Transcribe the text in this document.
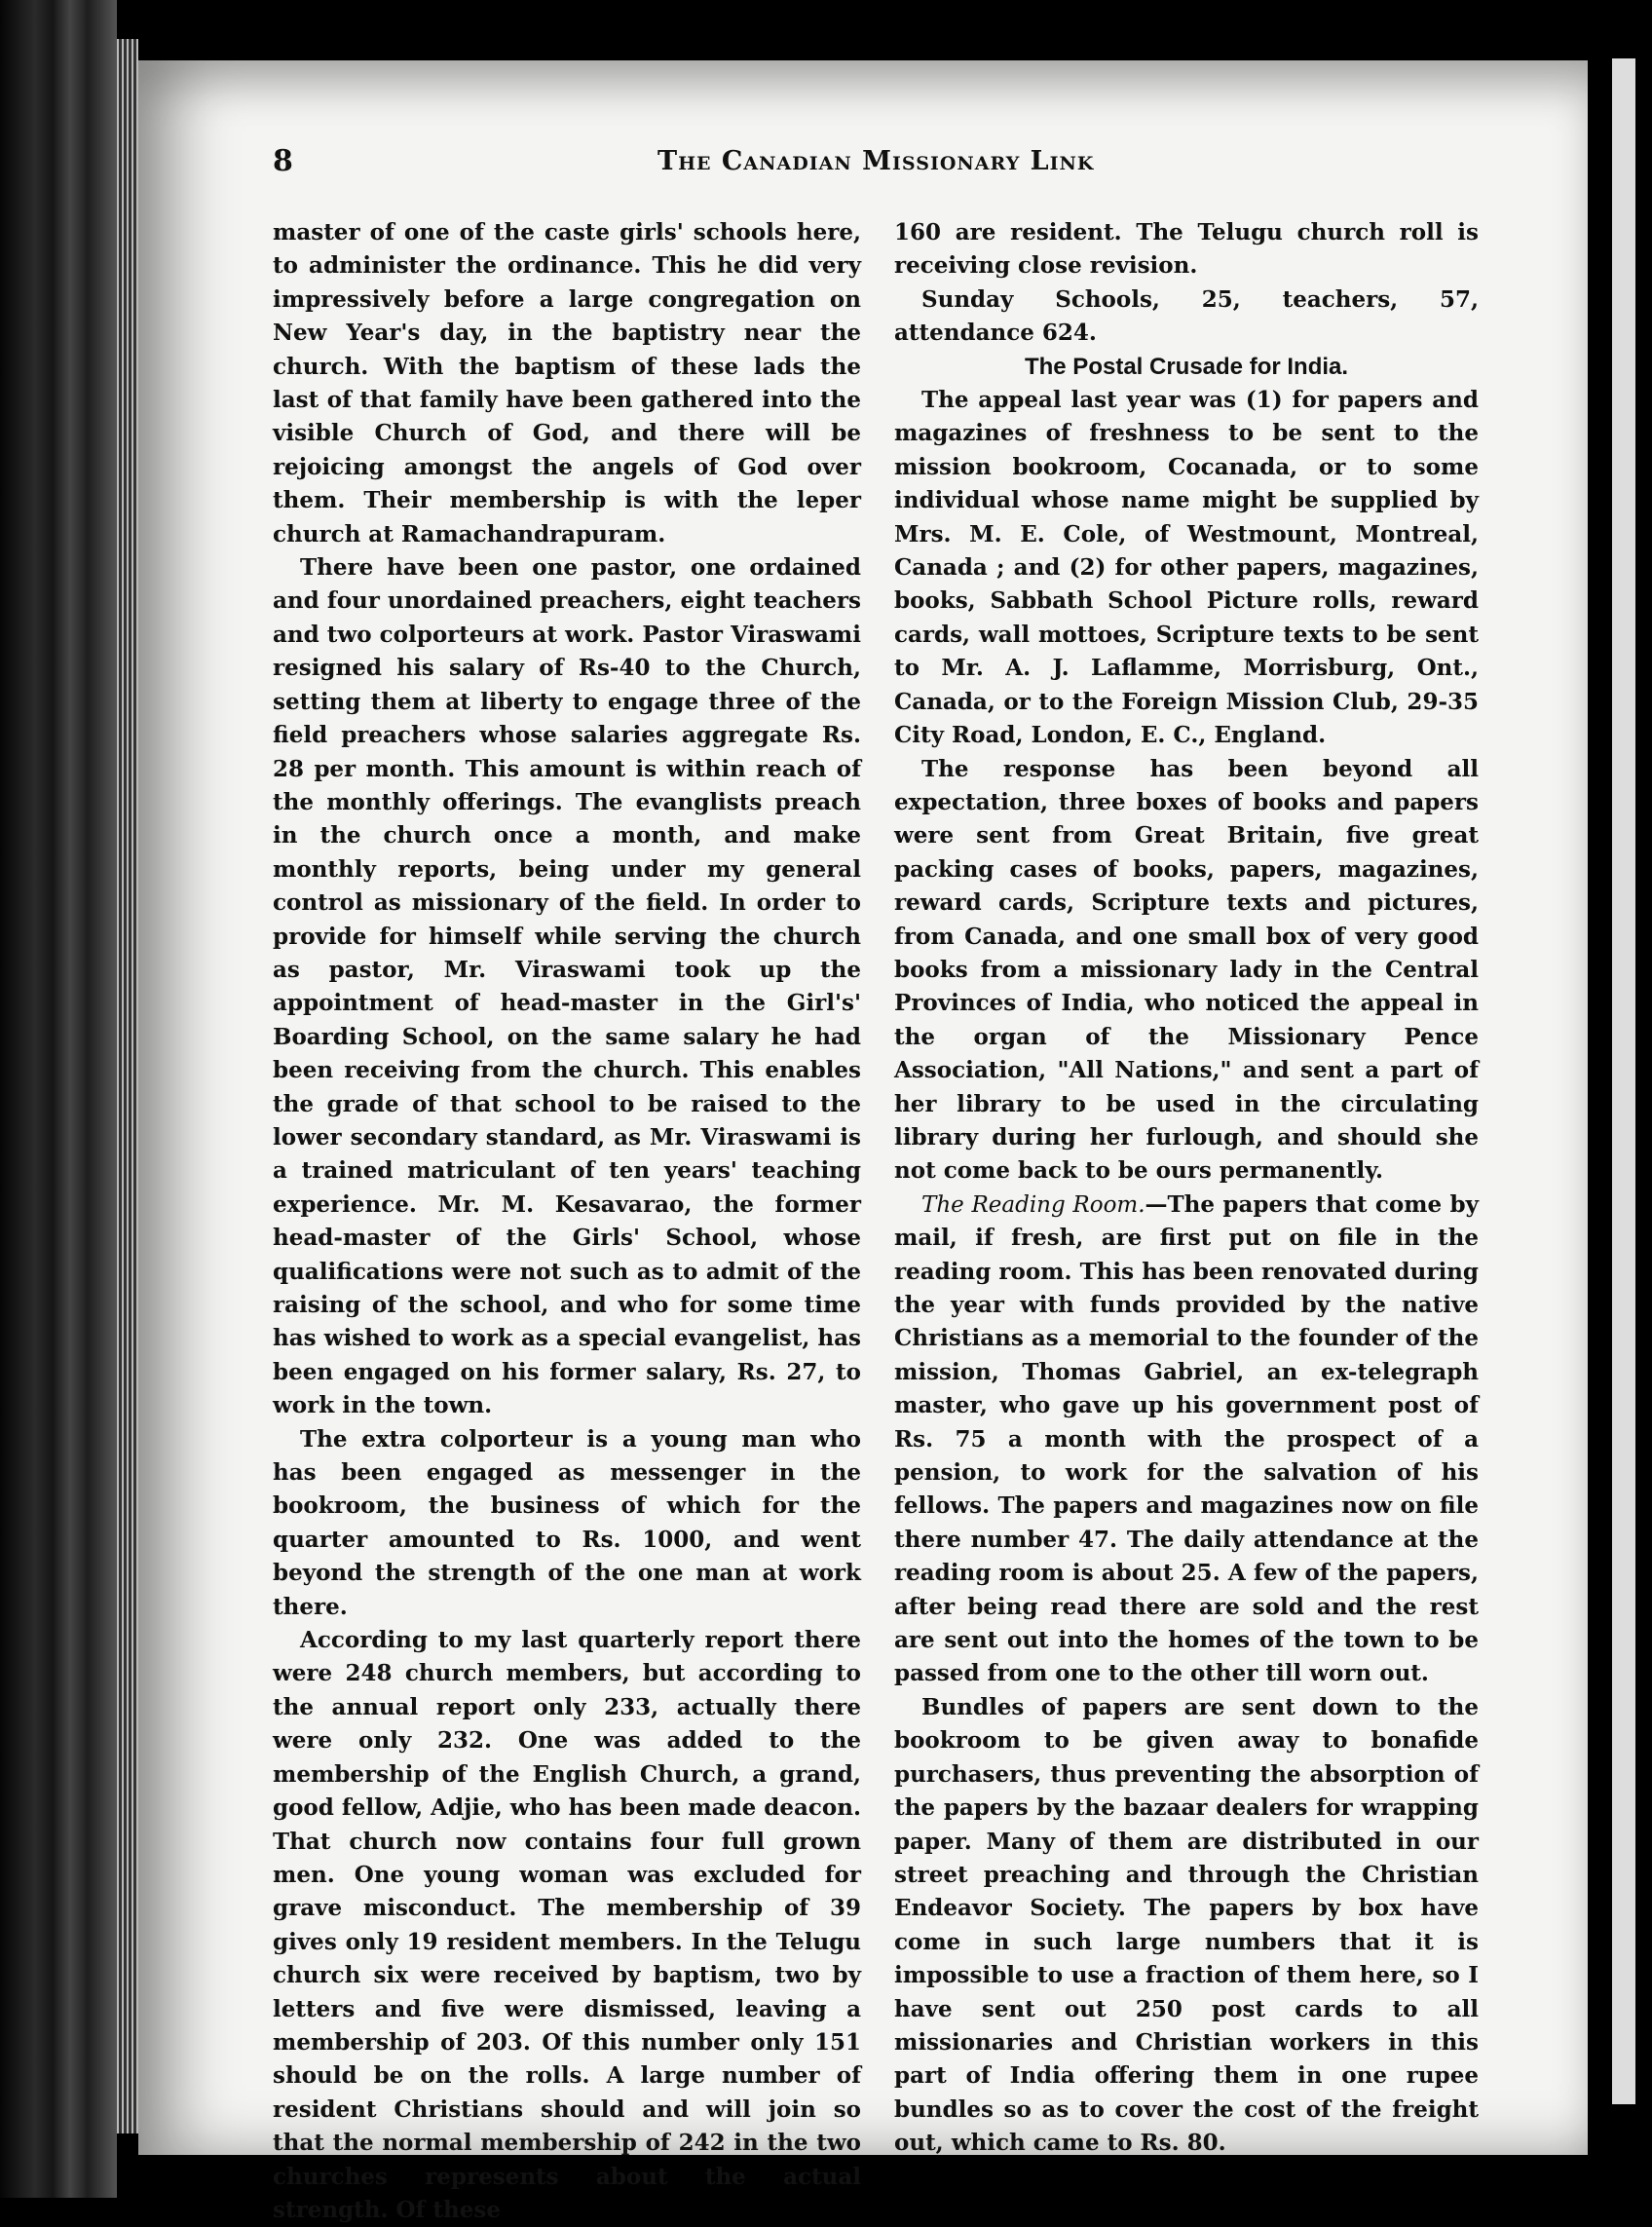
8	The Canadian Missionary Link

master of one of the caste girls' schools here, to administer the ordinance. This he did very impressively before a large congregation on New Year's day, in the baptistry near the church. With the baptism of these lads the last of that family have been gathered into the visible Church of God, and there will be rejoicing amongst the angels of God over them. Their membership is with the leper church at Ramachandrapuram.

There have been one pastor, one ordained and four unordained preachers, eight teachers and two colporteurs at work. Pastor Viraswami resigned his salary of Rs-40 to the Church, setting them at liberty to engage three of the field preachers whose salaries aggregate Rs. 28 per month. This amount is within reach of the monthly offerings. The evanglists preach in the church once a month, and make monthly reports, being under my general control as missionary of the field. In order to provide for himself while serving the church as pastor, Mr. Viraswami took up the appointment of head-master in the Girl's' Boarding School, on the same salary he had been receiving from the church. This enables the grade of that school to be raised to the lower secondary standard, as Mr. Viraswami is a trained matriculant of ten years' teaching experience. Mr. M. Kesavarao, the former head-master of the Girls' School, whose qualifications were not such as to admit of the raising of the school, and who for some time has wished to work as a special evangelist, has been engaged on his former salary, Rs. 27, to work in the town.

The extra colporteur is a young man who has been engaged as messenger in the bookroom, the business of which for the quarter amounted to Rs. 1000, and went beyond the strength of the one man at work there.

According to my last quarterly report there were 248 church members, but according to the annual report only 233, actually there were only 232. One was added to the membership of the English Church, a grand, good fellow, Adjie, who has been made deacon. That church now contains four full grown men. One young woman was excluded for grave misconduct. The membership of 39 gives only 19 resident members. In the Telugu church six were received by baptism, two by letters and five were dismissed, leaving a membership of 203. Of this number only 151 should be on the rolls. A large number of resident Christians should and will join so that the normal membership of 242 in the two churches represents about the actual strength. Of these

160 are resident. The Telugu church roll is receiving close revision.

Sunday Schools, 25, teachers, 57, attendance 624.

The Postal Crusade for India.

The appeal last year was (1) for papers and magazines of freshness to be sent to the mission bookroom, Cocanada, or to some individual whose name might be supplied by Mrs. M. E. Cole, of Westmount, Montreal, Canada ; and (2) for other papers, magazines, books, Sabbath School Picture rolls, reward cards, wall mottoes, Scripture texts to be sent to Mr. A. J. Laflamme, Morrisburg, Ont., Canada, or to the Foreign Mission Club, 29-35 City Road, London, E. C., England.

The response has been beyond all expectation, three boxes of books and papers were sent from Great Britain, five great packing cases of books, papers, magazines, reward cards, Scripture texts and pictures, from Canada, and one small box of very good books from a missionary lady in the Central Provinces of India, who noticed the appeal in the organ of the Missionary Pence Association, "All Nations," and sent a part of her library to be used in the circulating library during her furlough, and should she not come back to be ours permanently.

The Reading Room.—The papers that come by mail, if fresh, are first put on file in the reading room. This has been renovated during the year with funds provided by the native Christians as a memorial to the founder of the mission, Thomas Gabriel, an ex-telegraph master, who gave up his government post of Rs. 75 a month with the prospect of a pension, to work for the salvation of his fellows. The papers and magazines now on file there number 47. The daily attendance at the reading room is about 25. A few of the papers, after being read there are sold and the rest are sent out into the homes of the town to be passed from one to the other till worn out.

Bundles of papers are sent down to the bookroom to be given away to bonafide purchasers, thus preventing the absorption of the papers by the bazaar dealers for wrapping paper. Many of them are distributed in our street preaching and through the Christian Endeavor Society. The papers by box have come in such large numbers that it is impossible to use a fraction of them here, so I have sent out 250 post cards to all missionaries and Christian workers in this part of India offering them in one rupee bundles so as to cover the cost of the freight out, which came to Rs. 80.
